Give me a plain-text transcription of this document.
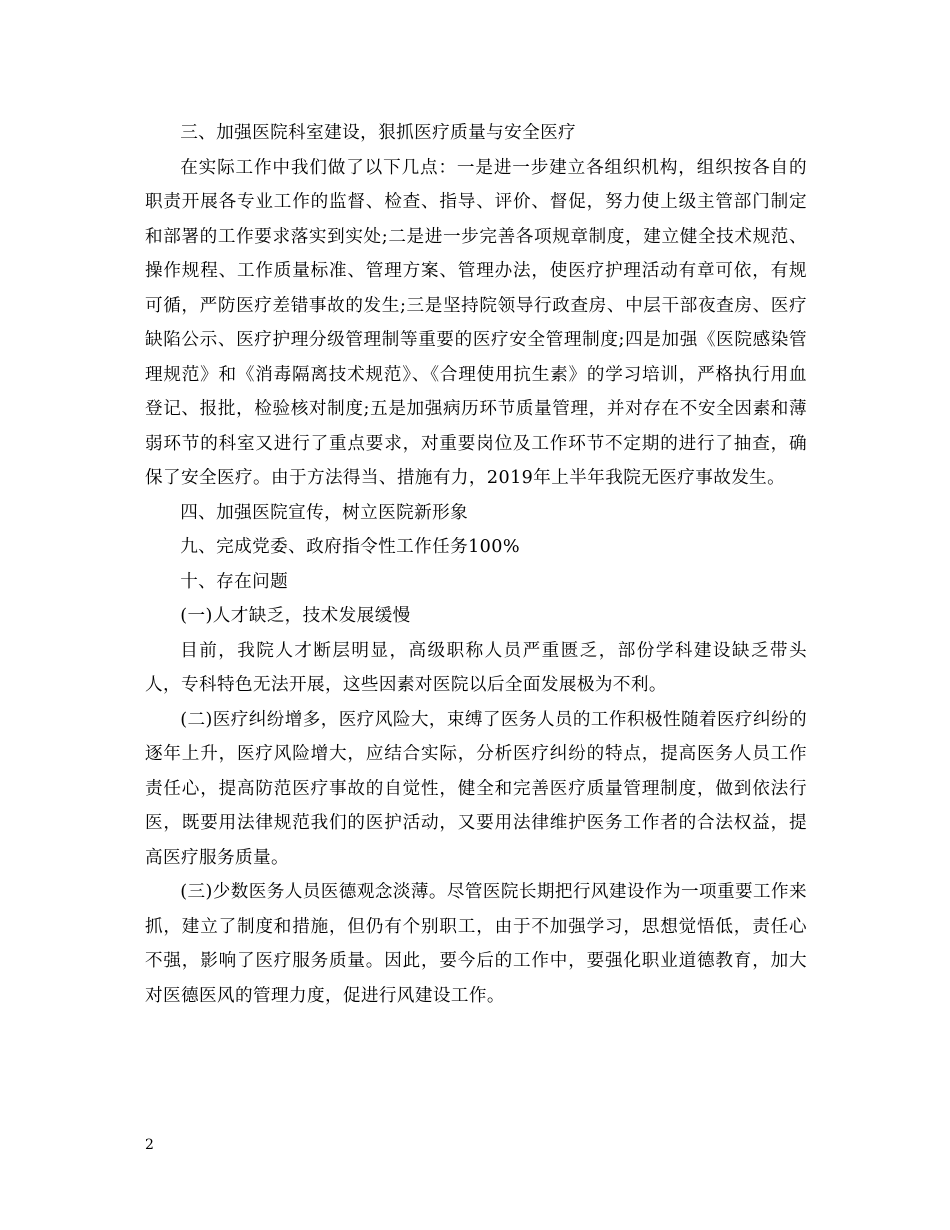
三、加强医院科室建设，狠抓医疗质量与安全医疗

在实际工作中我们做了以下几点：一是进一步建立各组织机构，组织按各自的职责开展各专业工作的监督、检查、指导、评价、督促，努力使上级主管部门制定和部署的工作要求落实到实处;二是进一步完善各项规章制度，建立健全技术规范、操作规程、工作质量标准、管理方案、管理办法，使医疗护理活动有章可依，有规可循，严防医疗差错事故的发生;三是坚持院领导行政查房、中层干部夜查房、医疗缺陷公示、医疗护理分级管理制等重要的医疗安全管理制度;四是加强《医院感染管理规范》和《消毒隔离技术规范》、《合理使用抗生素》的学习培训，严格执行用血登记、报批，检验核对制度;五是加强病历环节质量管理，并对存在不安全因素和薄弱环节的科室又进行了重点要求，对重要岗位及工作环节不定期的进行了抽查，确保了安全医疗。由于方法得当、措施有力，2019年上半年我院无医疗事故发生。

四、加强医院宣传，树立医院新形象

九、完成党委、政府指令性工作任务100%

十、存在问题

(一)人才缺乏，技术发展缓慢

目前，我院人才断层明显，高级职称人员严重匮乏，部份学科建设缺乏带头人，专科特色无法开展，这些因素对医院以后全面发展极为不利。

(二)医疗纠纷增多，医疗风险大，束缚了医务人员的工作积极性随着医疗纠纷的逐年上升，医疗风险增大，应结合实际，分析医疗纠纷的特点，提高医务人员工作责任心，提高防范医疗事故的自觉性，健全和完善医疗质量管理制度，做到依法行医，既要用法律规范我们的医护活动，又要用法律维护医务工作者的合法权益，提高医疗服务质量。

(三)少数医务人员医德观念淡薄。尽管医院长期把行风建设作为一项重要工作来抓，建立了制度和措施，但仍有个别职工，由于不加强学习，思想觉悟低，责任心不强，影响了医疗服务质量。因此，要今后的工作中，要强化职业道德教育，加大对医德医风的管理力度，促进行风建设工作。

2
